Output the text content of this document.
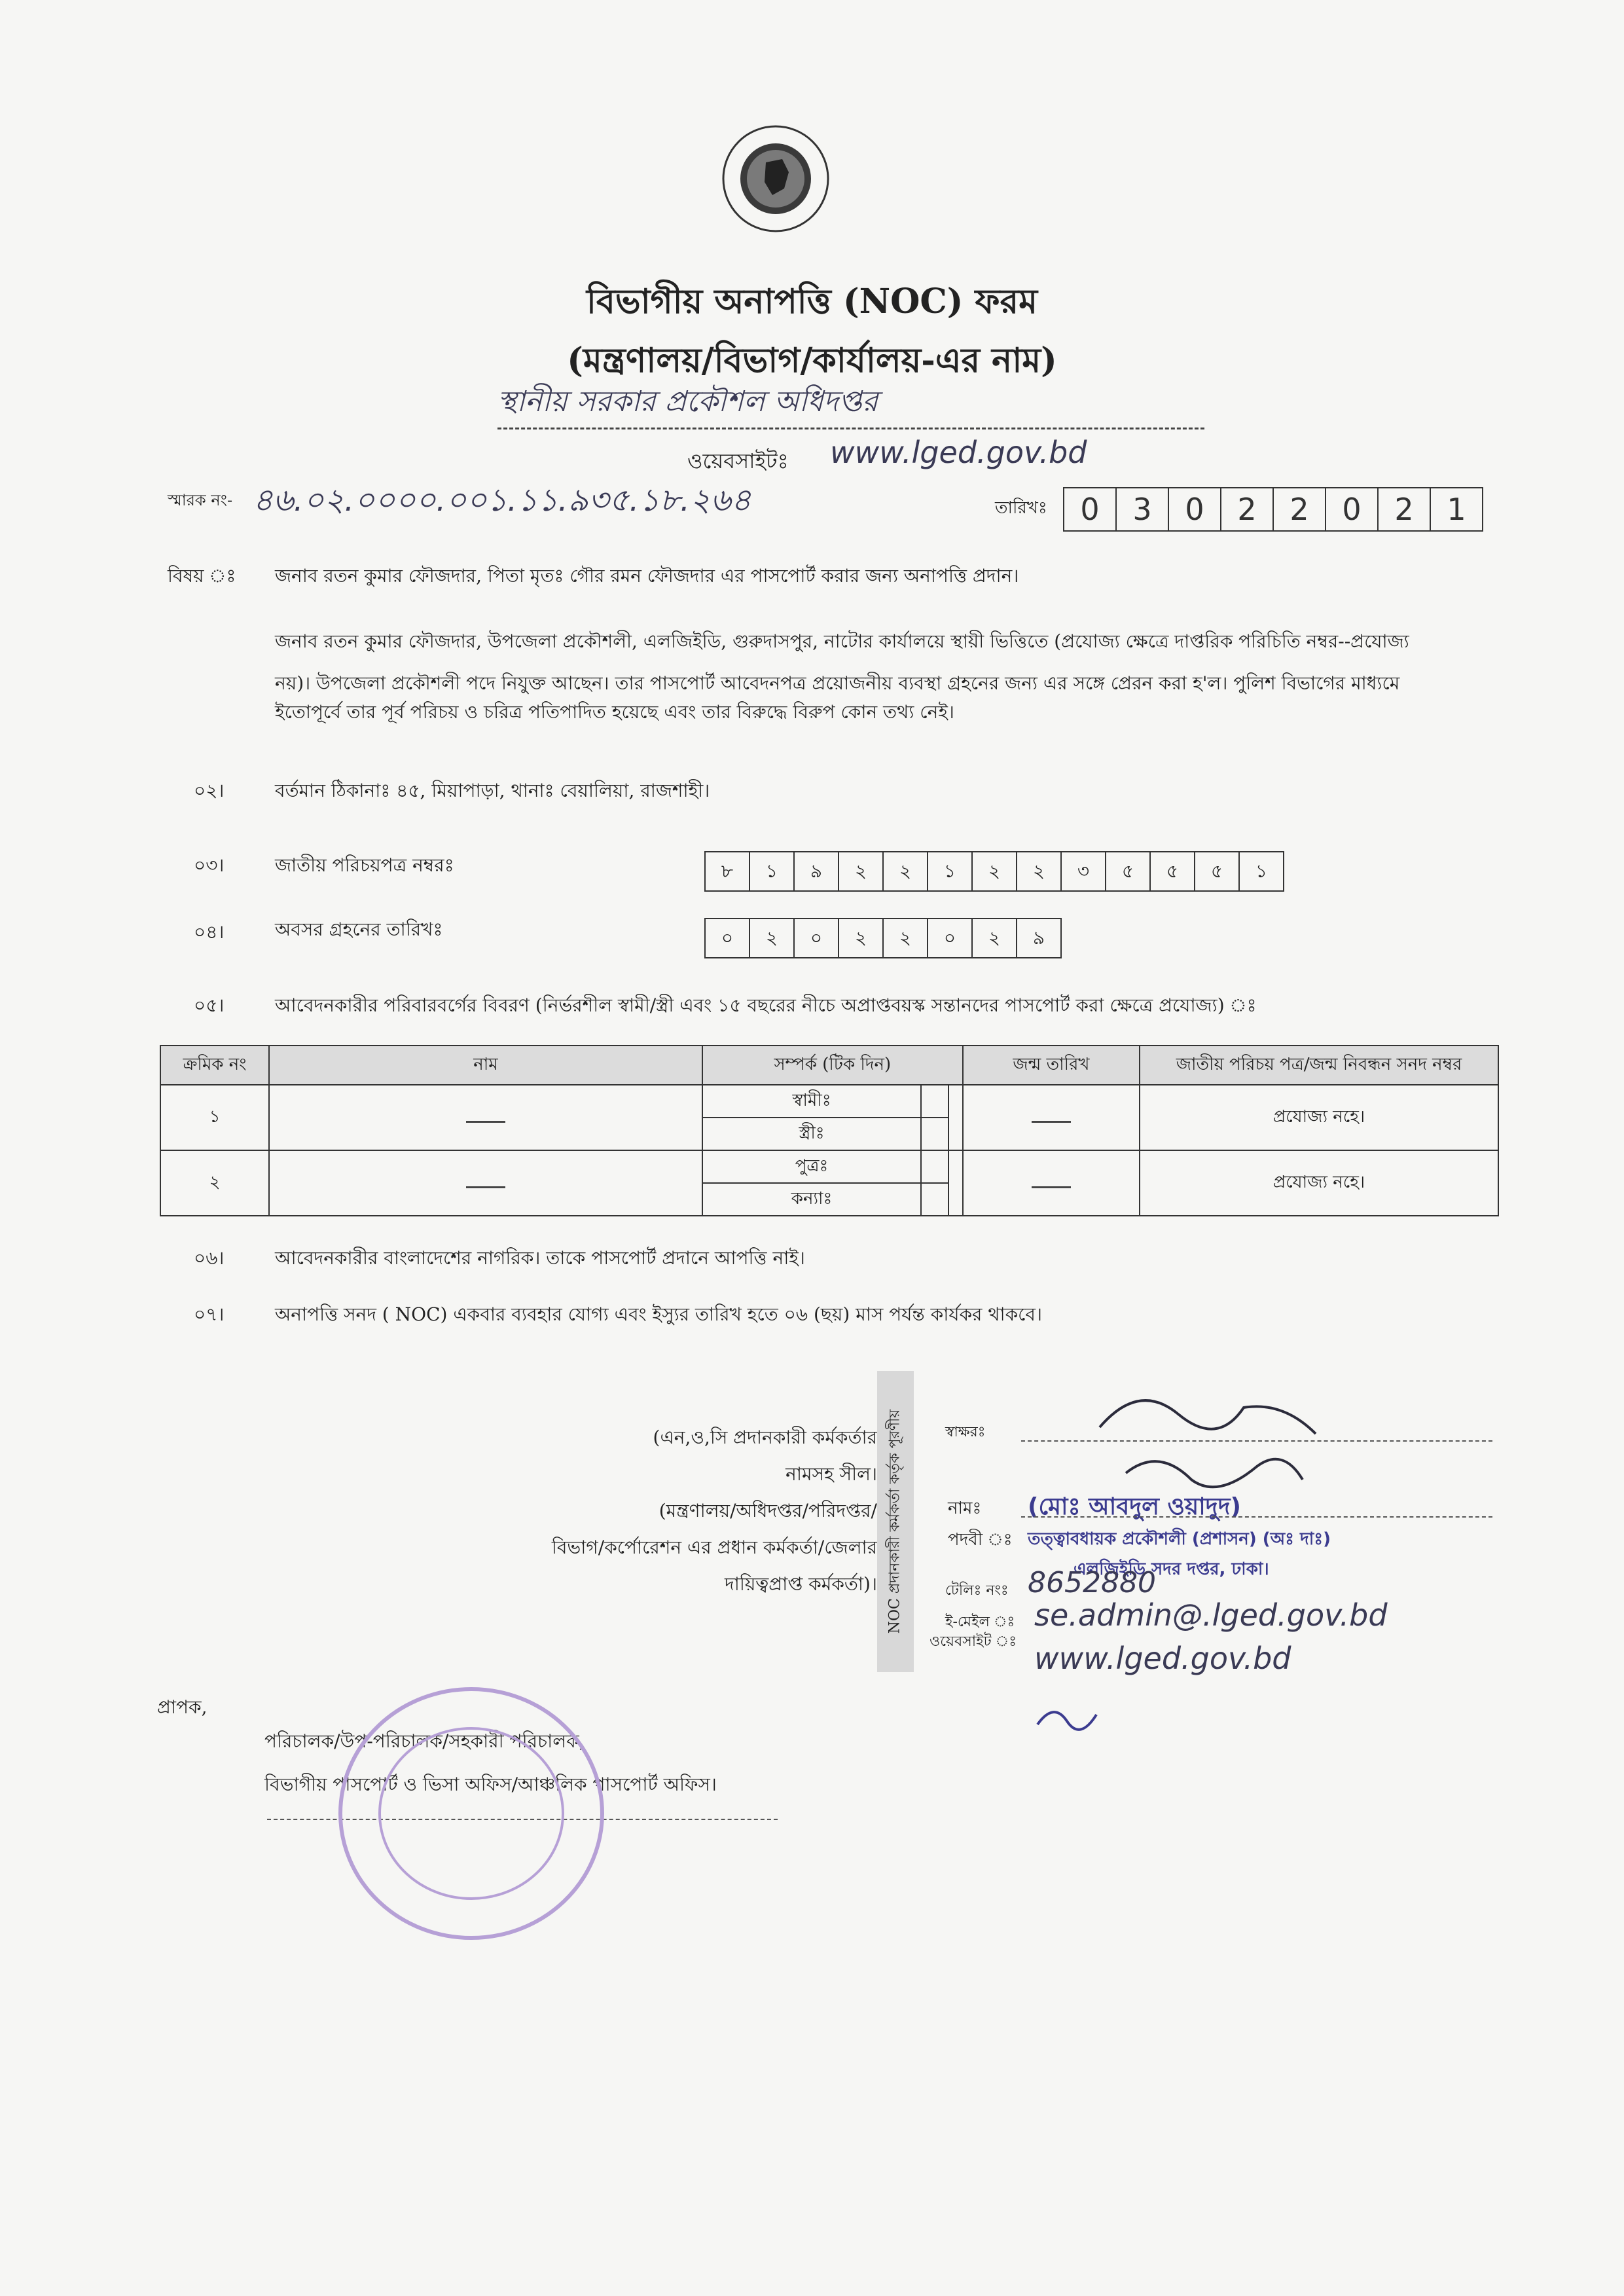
বিভাগীয় অনাপত্তি (NOC) ফরম
(মন্ত্রণালয়/বিভাগ/কার্যালয়-এর নাম)
স্থানীয় সরকার প্রকৌশল অধিদপ্তর
ওয়েবসাইটঃ www.lged.gov.bd
স্মারক নং- ৪৬.০২.০০০০.০০১.১১.৯৩৫.১৮.২৬৪	তারিখঃ	0	3	0	2	2	0	2	1
বিষয় ঃ জনাব রতন কুমার ফৌজদার, পিতা মৃতঃ গৌর রমন ফৌজদার এর পাসপোর্ট করার জন্য অনাপত্তি প্রদান।
জনাব রতন কুমার ফৌজদার, উপজেলা প্রকৌশলী, এলজিইডি, গুরুদাসপুর, নাটোর কার্যালয়ে স্থায়ী ভিত্তিতে (প্রযোজ্য ক্ষেত্রে দাপ্তরিক পরিচিতি নম্বর--প্রযোজ্য
নয়)। উপজেলা প্রকৌশলী পদে নিযুক্ত আছেন। তার পাসপোর্ট আবেদনপত্র প্রয়োজনীয় ব্যবস্থা গ্রহনের জন্য এর সঙ্গে প্রেরন করা হ'ল। পুলিশ বিভাগের মাধ্যমে
ইতোপূর্বে তার পূর্ব পরিচয় ও চরিত্র পতিপাদিত হয়েছে এবং তার বিরুদ্ধে বিরুপ কোন তথ্য নেই।
০২।	বর্তমান ঠিকানাঃ ৪৫, মিয়াপাড়া, থানাঃ বেয়ালিয়া, রাজশাহী।
০৩।	জাতীয় পরিচয়পত্র নম্বরঃ	৮	১	৯	২	২	১	২	২	৩	৫	৫	৫	১
০৪।	অবসর গ্রহনের তারিখঃ	০	২	০	২	২	০	২	৯
০৫।	আবেদনকারীর পরিবারবর্গের বিবরণ (নির্ভরশীল স্বামী/স্ত্রী এবং ১৫ বছরের নীচে অপ্রাপ্তবয়স্ক সন্তানদের পাসপোর্ট করা ক্ষেত্রে প্রযোজ্য) ঃ
ক্রমিক নং	নাম	সম্পর্ক (টিক দিন)			জন্ম তারিখ	জাতীয় পরিচয় পত্র/জন্ম নিবন্ধন সনদ নম্বর
১		স্বামীঃ				প্রযোজ্য নহে।
		স্ত্রীঃ				
২		পুত্রঃ				প্রযোজ্য নহে।
		কন্যাঃ				
০৬।	আবেদনকারীর বাংলাদেশের নাগরিক। তাকে পাসপোর্ট প্রদানে আপত্তি নাই।
০৭।	অনাপত্তি সনদ ( NOC) একবার ব্যবহার যোগ্য এবং ইস্যুর তারিখ হতে ০৬ (ছয়) মাস পর্যন্ত কার্যকর থাকবে।
(এন,ও,সি প্রদানকারী কর্মকর্তার
নামসহ সীল।
(মন্ত্রণালয়/অধিদপ্তর/পরিদপ্তর/
বিভাগ/কর্পোরেশন এর প্রধান কর্মকর্তা/জেলার
দায়িত্বপ্রাপ্ত কর্মকর্তা)। NOC প্রদানকারী কর্মকর্তা কর্তৃক পূরণীয়	স্বাক্ষরঃ
নামঃ (মোঃ আবদুল ওয়াদুদ)
পদবী ঃ তত্ত্বাবধায়ক প্রকৌশলী (প্রশাসন) (অঃ দাঃ)
এলজিইডি সদর দপ্তর, ঢাকা।
টেলিঃ নংঃ 8652880
ই-মেইল ঃ se.admin@.lged.gov.bd
ওয়েবসাইট ঃ www.lged.gov.bd
প্রাপক,
পরিচালক/উপ-পরিচালক/সহকারী পরিচালক,
বিভাগীয় পাসপোর্ট ও ভিসা অফিস/আঞ্চলিক পাসপোর্ট অফিস।
